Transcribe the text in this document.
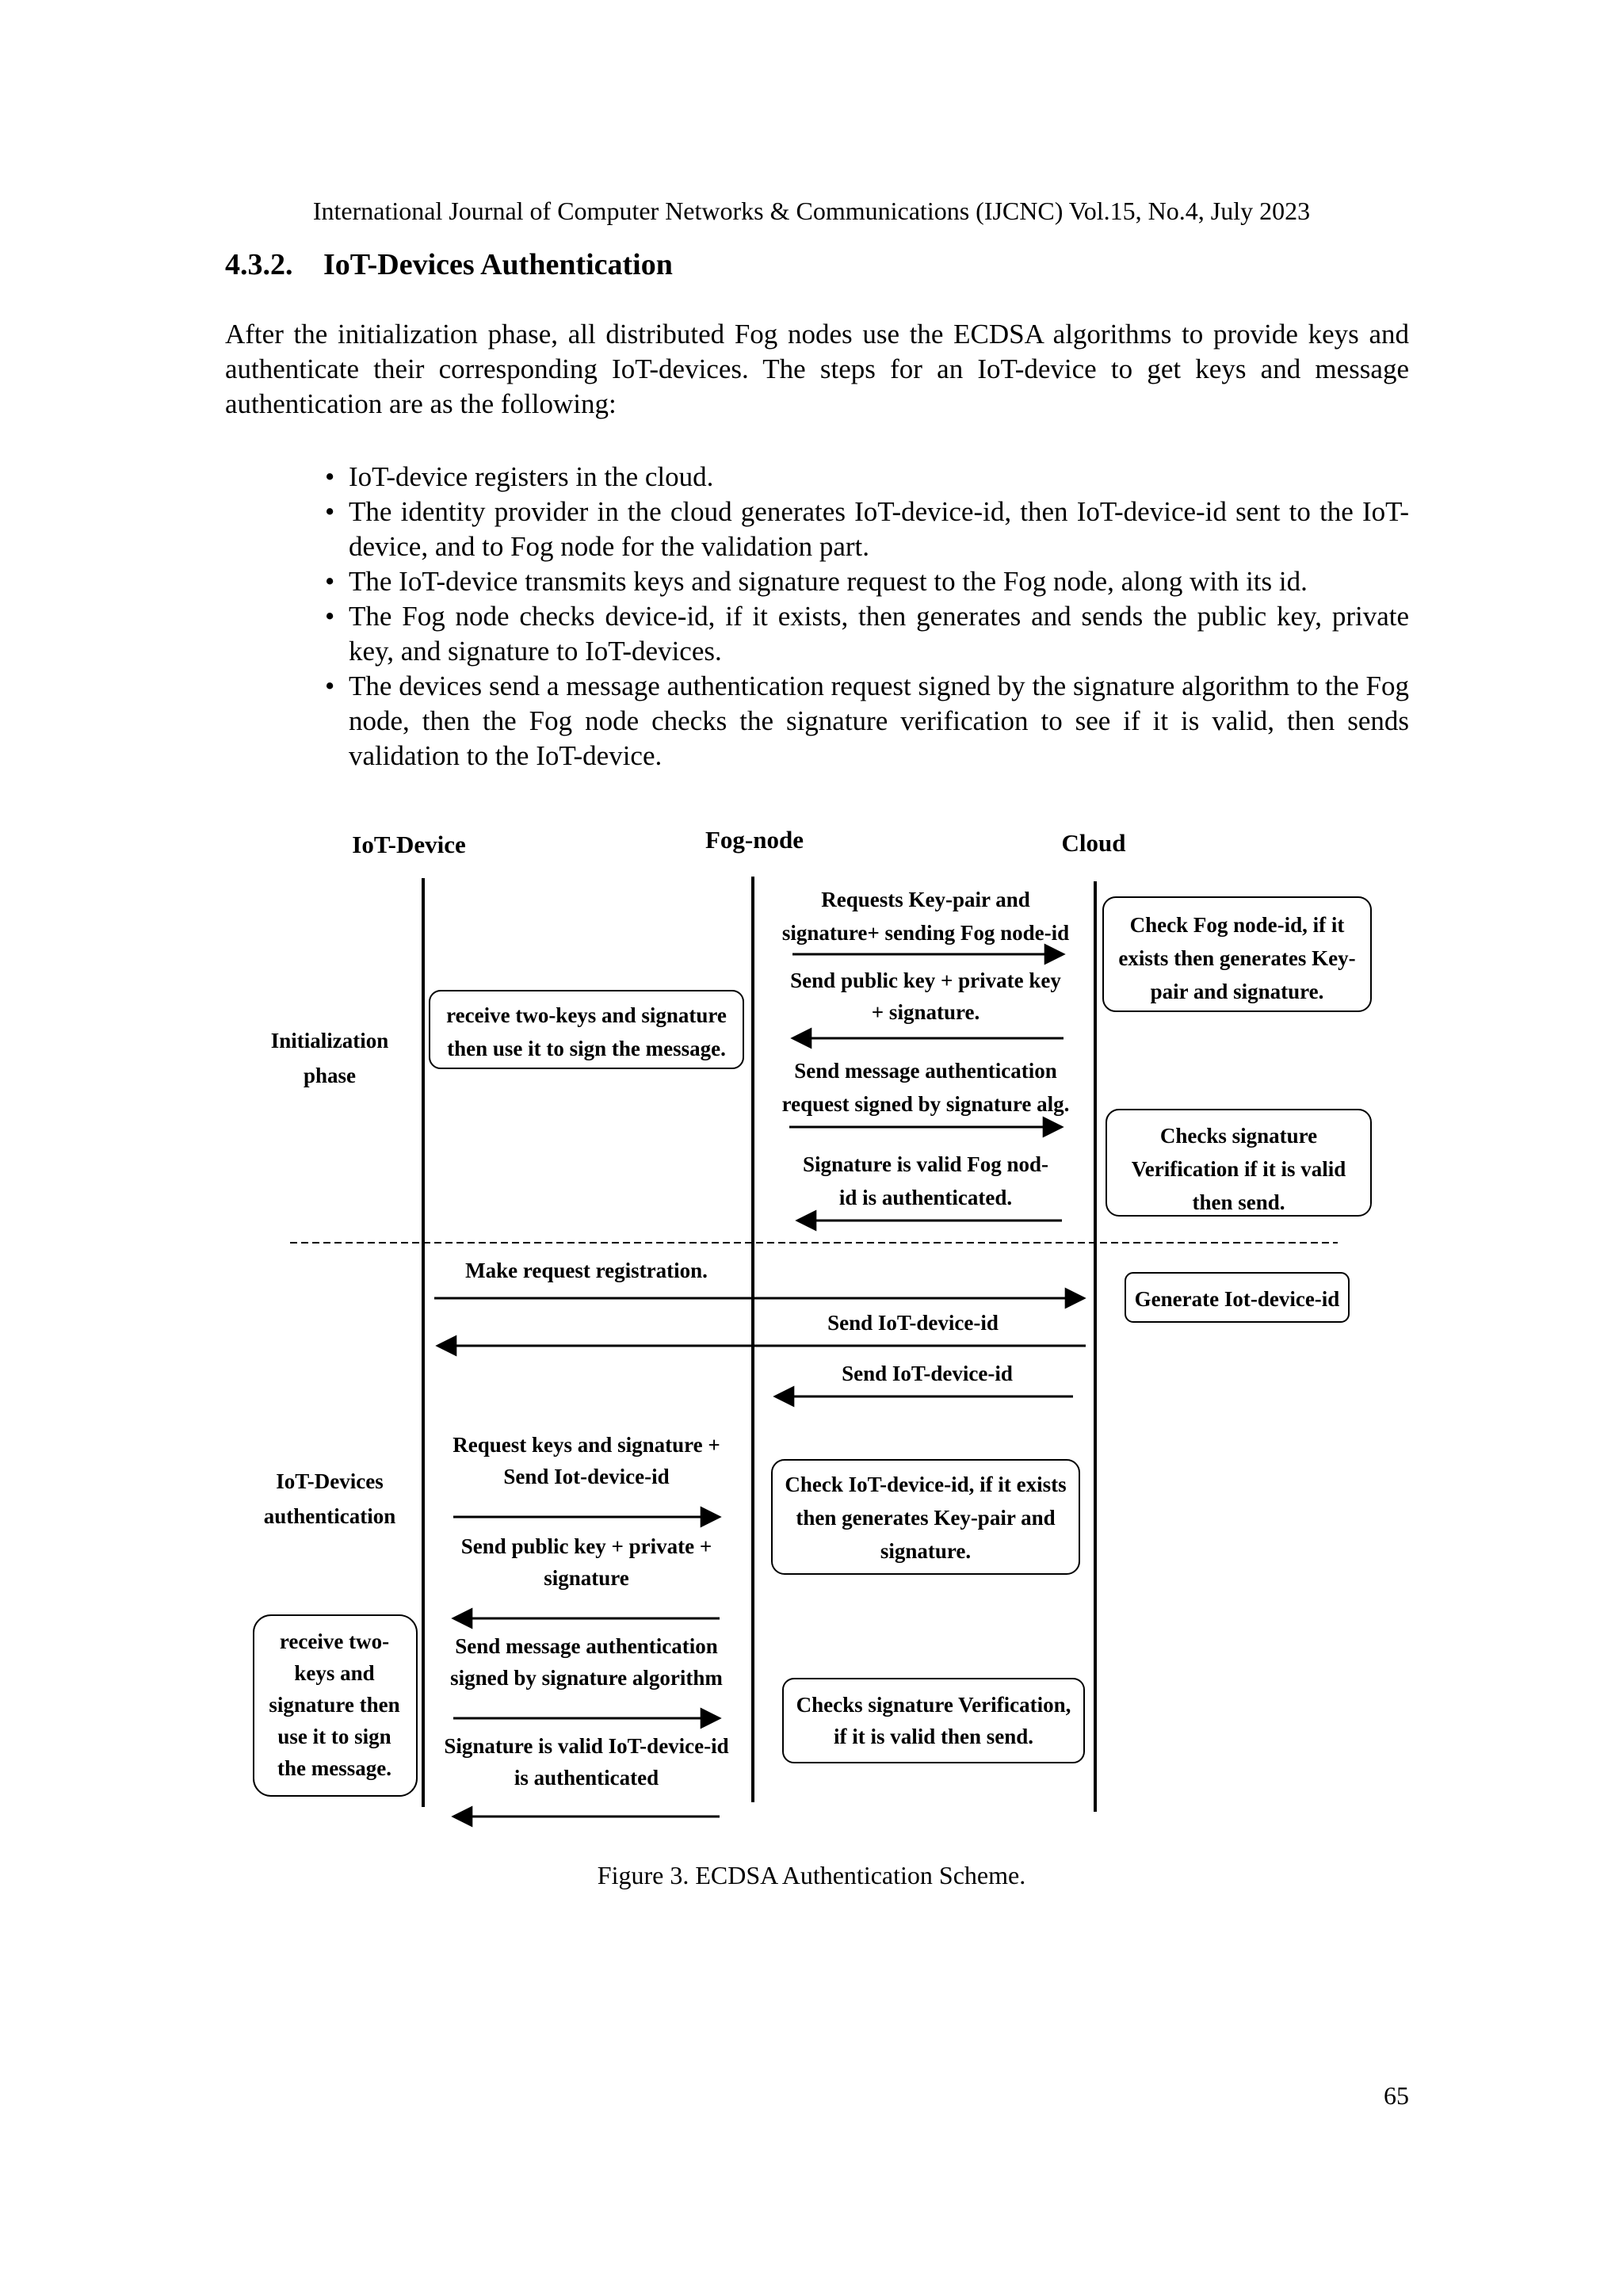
International Journal of Computer Networks & Communications (IJCNC) Vol.15, No.4, July 2023
4.3.2. IoT-Devices Authentication

After the initialization phase, all distributed Fog nodes use the ECDSA algorithms to provide keys and authenticate their corresponding IoT-devices. The steps for an IoT-device to get keys and message authentication are as the following:

• IoT-device registers in the cloud.
• The identity provider in the cloud generates IoT-device-id, then IoT-device-id sent to the IoT-device, and to Fog node for the validation part.
• The IoT-device transmits keys and signature request to the Fog node, along with its id.
• The Fog node checks device-id, if it exists, then generates and sends the public key, private key, and signature to IoT-devices.
• The devices send a message authentication request signed by the signature algorithm to the Fog node, then the Fog node checks the signature verification to see if it is valid, then sends validation to the IoT-device.
IoT-Device	Fog-node	Cloud
Initialization
phase
IoT-Devices
authentication
receive two-keys and signature
then use it to sign the message.
Requests Key-pair and
signature+ sending Fog node-id
Send public key + private key
+ signature.
Send message authentication
request signed by signature alg.
Signature is valid Fog nod-
id is authenticated.
Check Fog node-id, if it
exists then generates Key-
pair and signature.
Checks signature
Verification if it is valid
then send.
Make request registration.
Generate Iot-device-id
Send IoT-device-id
Send IoT-device-id
Request keys and signature +
Send Iot-device-id
Send public key + private +
signature
Send message authentication
signed by signature algorithm
Signature is valid IoT-device-id
is authenticated
Check IoT-device-id, if it exists
then generates Key-pair and
signature.
Checks signature Verification,
if it is valid then send.
receive two-
keys and
signature then
use it to sign
the message.
Figure 3. ECDSA Authentication Scheme.
65
